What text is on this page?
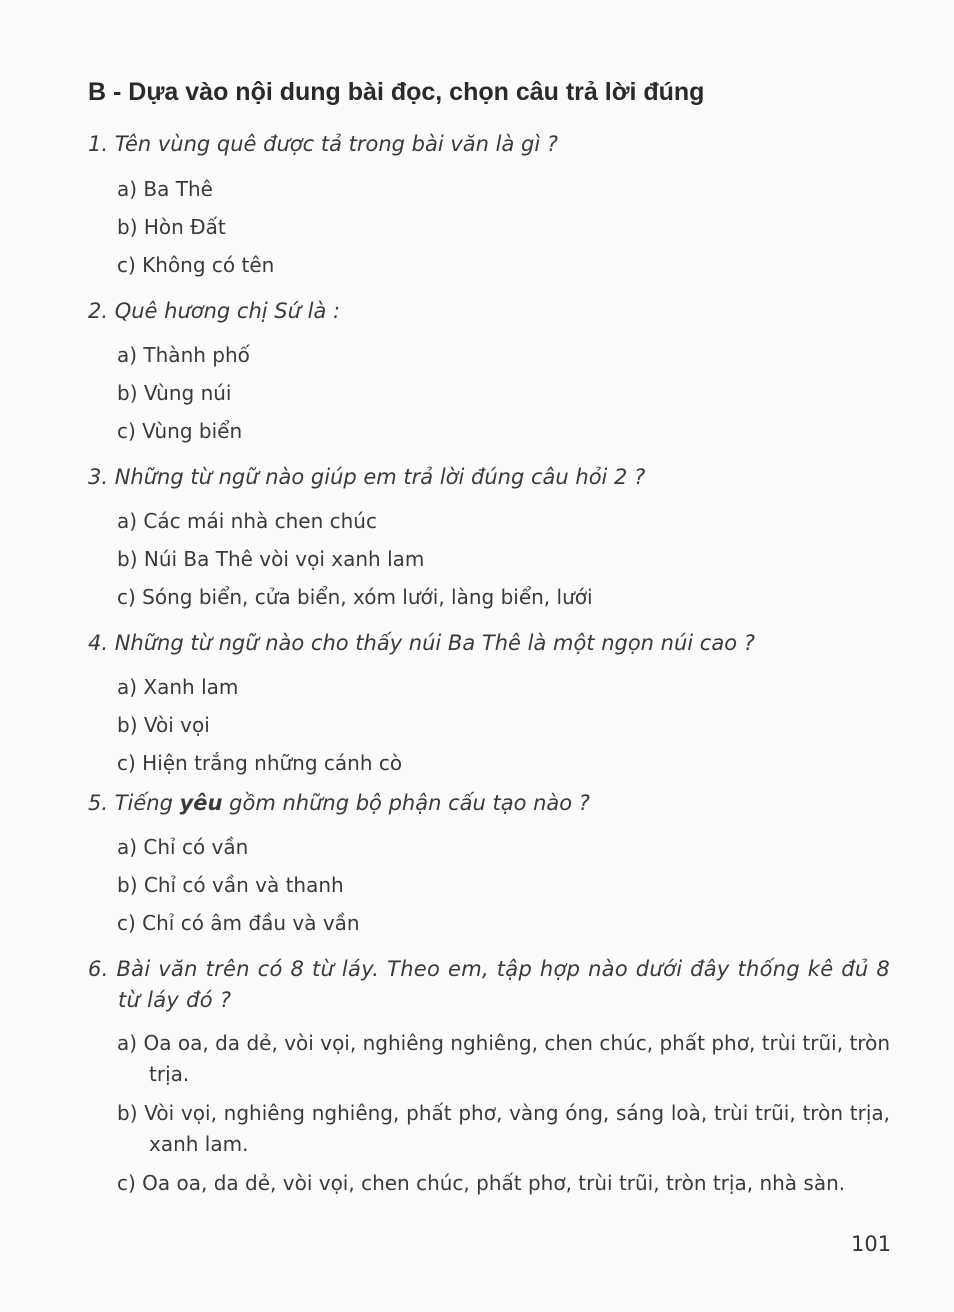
B - Dựa vào nội dung bài đọc, chọn câu trả lời đúng
1. Tên vùng quê được tả trong bài văn là gì ?
a) Ba Thê
b) Hòn Đất
c) Không có tên
2. Quê hương chị Sứ là :
a) Thành phố
b) Vùng núi
c) Vùng biển
3. Những từ ngữ nào giúp em trả lời đúng câu hỏi 2 ?
a) Các mái nhà chen chúc
b) Núi Ba Thê vòi vọi xanh lam
c) Sóng biển, cửa biển, xóm lưới, làng biển, lưới
4. Những từ ngữ nào cho thấy núi Ba Thê là một ngọn núi cao ?
a) Xanh lam
b) Vòi vọi
c) Hiện trắng những cánh cò
5. Tiếng yêu gồm những bộ phận cấu tạo nào ?
a) Chỉ có vần
b) Chỉ có vần và thanh
c) Chỉ có âm đầu và vần
6. Bài văn trên có 8 từ láy. Theo em, tập hợp nào dưới đây thống kê đủ 8 từ láy đó ?
a) Oa oa, da dẻ, vòi vọi, nghiêng nghiêng, chen chúc, phất phơ, trùi trũi, tròn trịa.
b) Vòi vọi, nghiêng nghiêng, phất phơ, vàng óng, sáng loà, trùi trũi, tròn trịa, xanh lam.
c) Oa oa, da dẻ, vòi vọi, chen chúc, phất phơ, trùi trũi, tròn trịa, nhà sàn.
101
